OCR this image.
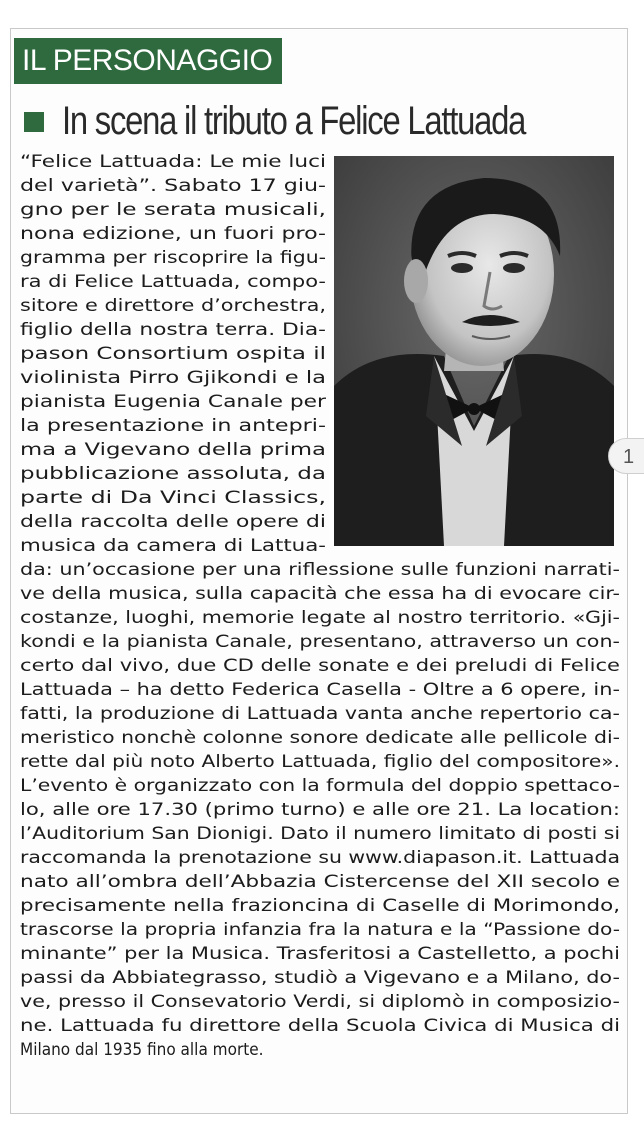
IL PERSONAGGIO
In scena il tributo a Felice Lattuada
“Felice Lattuada: Le mie luci
del varietà”. Sabato 17 giu-
gno per le serata musicali,
nona edizione, un fuori pro-
gramma per riscoprire la figu-
ra di Felice Lattuada, compo-
sitore e direttore d’orchestra,
figlio della nostra terra. Dia-
pason Consortium ospita il
violinista Pirro Gjikondi e la
pianista Eugenia Canale per
la presentazione in antepri-
ma a Vigevano della prima
pubblicazione assoluta, da
parte di Da Vinci Classics,
della raccolta delle opere di
musica da camera di Lattua-
da: un’occasione per una riflessione sulle funzioni narrati-
ve della musica, sulla capacità che essa ha di evocare cir-
costanze, luoghi, memorie legate al nostro territorio. «Gji-
kondi e la pianista Canale, presentano, attraverso un con-
certo dal vivo, due CD delle sonate e dei preludi di Felice
Lattuada – ha detto Federica Casella - Oltre a 6 opere, in-
fatti, la produzione di Lattuada vanta anche repertorio ca-
meristico nonchè colonne sonore dedicate alle pellicole di-
rette dal più noto Alberto Lattuada, figlio del compositore».
L’evento è organizzato con la formula del doppio spettaco-
lo, alle ore 17.30 (primo turno) e alle ore 21. La location:
l’Auditorium San Dionigi. Dato il numero limitato di posti si
raccomanda la prenotazione su www.diapason.it. Lattuada
nato all’ombra dell’Abbazia Cistercense del XII secolo e
precisamente nella frazioncina di Caselle di Morimondo,
trascorse la propria infanzia fra la natura e la “Passione do-
minante” per la Musica. Trasferitosi a Castelletto, a pochi
passi da Abbiategrasso, studiò a Vigevano e a Milano, do-
ve, presso il Consevatorio Verdi, si diplomò in composizio-
ne. Lattuada fu direttore della Scuola Civica di Musica di
Milano dal 1935 fino alla morte.
1
